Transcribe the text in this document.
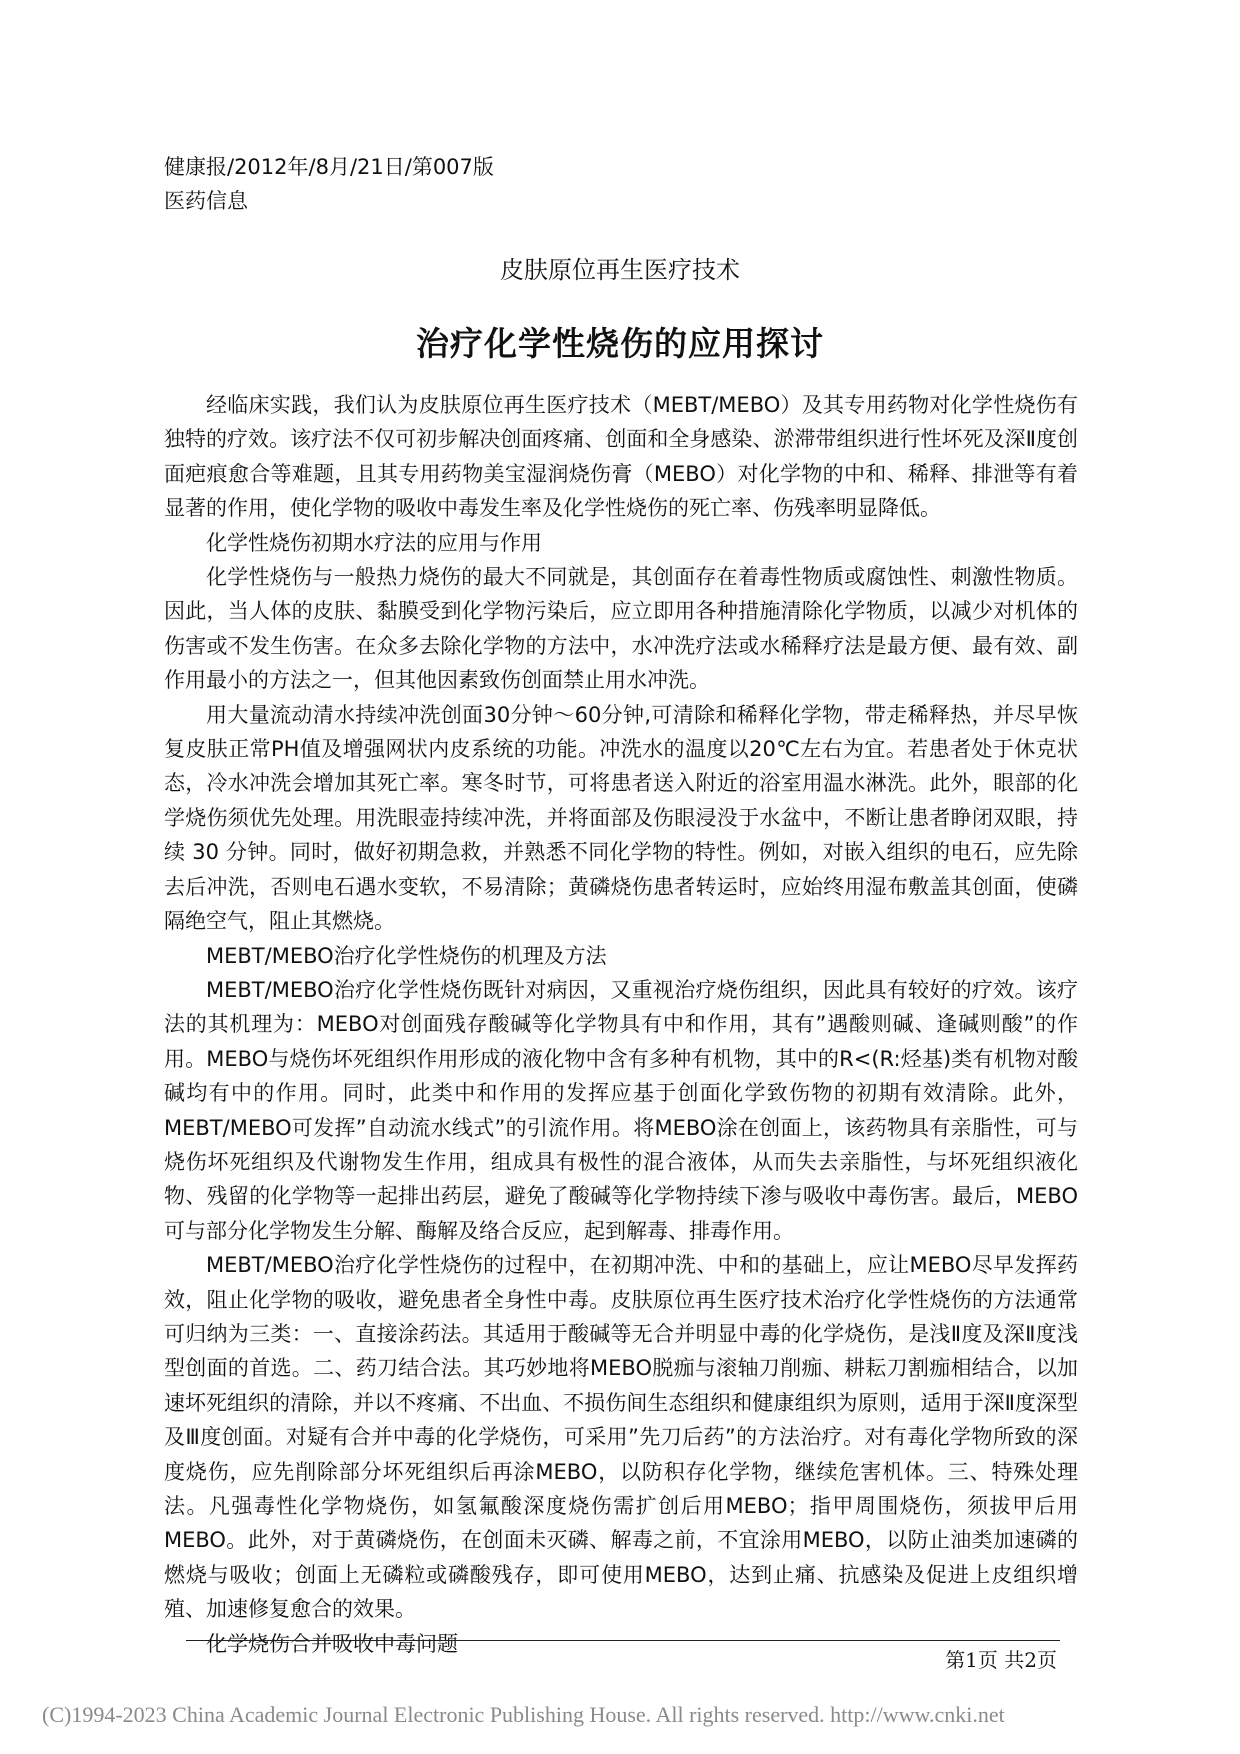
健康报/2012年/8月/21日/第007版
医药信息
皮肤原位再生医疗技术
治疗化学性烧伤的应用探讨

经临床实践，我们认为皮肤原位再生医疗技术（MEBT/MEBO）及其专用药物对化学性烧伤有独特的疗效。该疗法不仅可初步解决创面疼痛、创面和全身感染、淤滞带组织进行性坏死及深Ⅱ度创面疤痕愈合等难题，且其专用药物美宝湿润烧伤膏（MEBO）对化学物的中和、稀释、排泄等有着显著的作用，使化学物的吸收中毒发生率及化学性烧伤的死亡率、伤残率明显降低。

化学性烧伤初期水疗法的应用与作用

化学性烧伤与一般热力烧伤的最大不同就是，其创面存在着毒性物质或腐蚀性、刺激性物质。因此，当人体的皮肤、黏膜受到化学物污染后，应立即用各种措施清除化学物质，以减少对机体的伤害或不发生伤害。在众多去除化学物的方法中，水冲洗疗法或水稀释疗法是最方便、最有效、副作用最小的方法之一，但其他因素致伤创面禁止用水冲洗。

用大量流动清水持续冲洗创面30分钟～60分钟,可清除和稀释化学物，带走稀释热，并尽早恢复皮肤正常PH值及增强网状内皮系统的功能。冲洗水的温度以20℃左右为宜。若患者处于休克状态，冷水冲洗会增加其死亡率。寒冬时节，可将患者送入附近的浴室用温水淋洗。此外，眼部的化学烧伤须优先处理。用洗眼壶持续冲洗，并将面部及伤眼浸没于水盆中，不断让患者睁闭双眼，持续 30 分钟。同时，做好初期急救，并熟悉不同化学物的特性。例如，对嵌入组织的电石，应先除去后冲洗，否则电石遇水变软，不易清除；黄磷烧伤患者转运时，应始终用湿布敷盖其创面，使磷隔绝空气，阻止其燃烧。

MEBT/MEBO治疗化学性烧伤的机理及方法

MEBT/MEBO治疗化学性烧伤既针对病因，又重视治疗烧伤组织，因此具有较好的疗效。该疗法的其机理为：MEBO对创面残存酸碱等化学物具有中和作用，其有”遇酸则碱、逢碱则酸”的作用。MEBO与烧伤坏死组织作用形成的液化物中含有多种有机物，其中的R<(R:烃基)类有机物对酸碱均有中的作用。同时，此类中和作用的发挥应基于创面化学致伤物的初期有效清除。此外，MEBT/MEBO可发挥”自动流水线式”的引流作用。将MEBO涂在创面上，该药物具有亲脂性，可与烧伤坏死组织及代谢物发生作用，组成具有极性的混合液体，从而失去亲脂性，与坏死组织液化物、残留的化学物等一起排出药层，避免了酸碱等化学物持续下渗与吸收中毒伤害。最后，MEBO可与部分化学物发生分解、酶解及络合反应，起到解毒、排毒作用。

MEBT/MEBO治疗化学性烧伤的过程中，在初期冲洗、中和的基础上，应让MEBO尽早发挥药效，阻止化学物的吸收，避免患者全身性中毒。皮肤原位再生医疗技术治疗化学性烧伤的方法通常可归纳为三类：一、直接涂药法。其适用于酸碱等无合并明显中毒的化学烧伤，是浅Ⅱ度及深Ⅱ度浅型创面的首选。二、药刀结合法。其巧妙地将MEBO脱痂与滚轴刀削痂、耕耘刀割痂相结合，以加速坏死组织的清除，并以不疼痛、不出血、不损伤间生态组织和健康组织为原则，适用于深Ⅱ度深型及Ⅲ度创面。对疑有合并中毒的化学烧伤，可采用”先刀后药”的方法治疗。对有毒化学物所致的深度烧伤，应先削除部分坏死组织后再涂MEBO，以防积存化学物，继续危害机体。三、特殊处理法。凡强毒性化学物烧伤，如氢氟酸深度烧伤需扩创后用MEBO；指甲周围烧伤，须拔甲后用MEBO。此外，对于黄磷烧伤，在创面未灭磷、解毒之前，不宜涂用MEBO，以防止油类加速磷的燃烧与吸收；创面上无磷粒或磷酸残存，即可使用MEBO，达到止痛、抗感染及促进上皮组织增殖、加速修复愈合的效果。

化学烧伤合并吸收中毒问题

第1页 共2页
(C)1994-2023 China Academic Journal Electronic Publishing House. All rights reserved. http://www.cnki.net
